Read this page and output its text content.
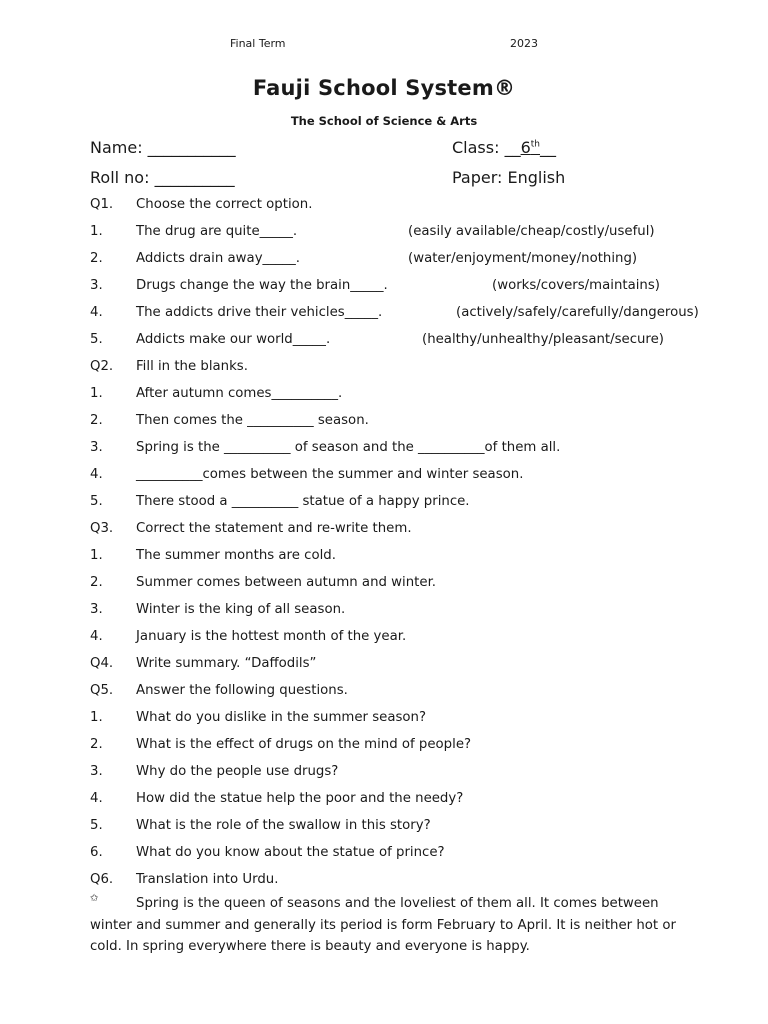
Final Term	2023
Fauji School System®
The School of Science & Arts
Name: ___________	Class: __6th__
Roll no: __________	Paper: English
Q1. Choose the correct option.
1.	The drug are quite_____.	(easily available/cheap/costly/useful)
2.	Addicts drain away_____.	(water/enjoyment/money/nothing)
3.	Drugs change the way the brain_____.	(works/covers/maintains)
4.	The addicts drive their vehicles_____.	(actively/safely/carefully/dangerous)
5.	Addicts make our world_____.	(healthy/unhealthy/pleasant/secure)
Q2. Fill in the blanks.
1.	After autumn comes__________.
2.	Then comes the __________ season.
3.	Spring is the __________ of season and the __________of them all.
4.	__________comes between the summer and winter season.
5.	There stood a __________ statue of a happy prince.
Q3. Correct the statement and re-write them.
1.	The summer months are cold.
2.	Summer comes between autumn and winter.
3.	Winter is the king of all season.
4.	January is the hottest month of the year.
Q4. Write summary. “Daffodils”
Q5. Answer the following questions.
1.	What do you dislike in the summer season?
2.	What is the effect of drugs on the mind of people?
3.	Why do the people use drugs?
4.	How did the statue help the poor and the needy?
5.	What is the role of the swallow in this story?
6.	What do you know about the statue of prince?
Q6. Translation into Urdu.
✩	Spring is the queen of seasons and the loveliest of them all. It comes between winter and summer and generally its period is form February to April. It is neither hot or cold. In spring everywhere there is beauty and everyone is happy.
